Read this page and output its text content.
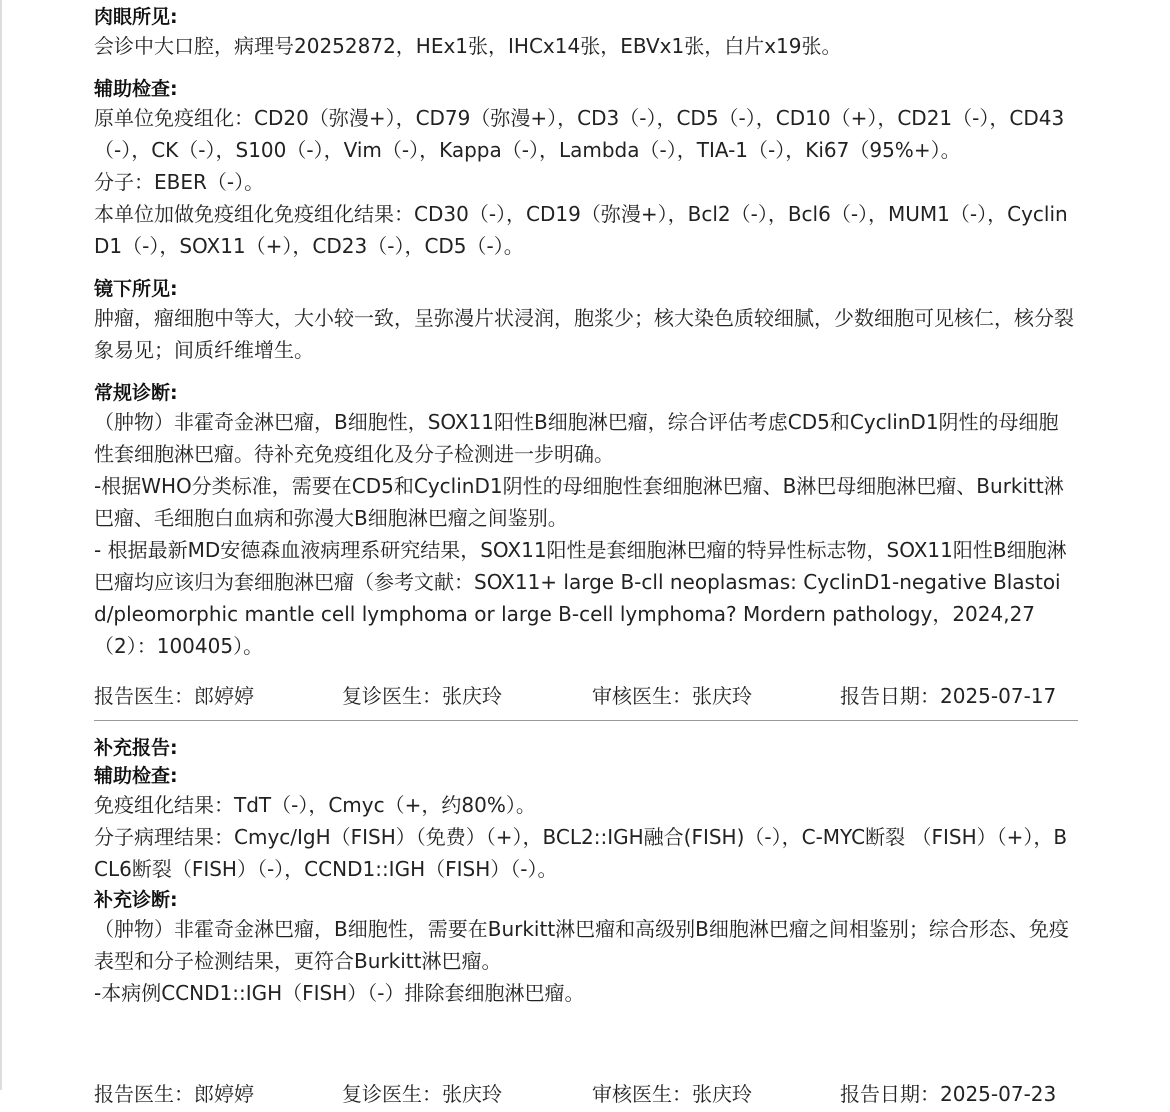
肉眼所见:
会诊中大口腔，病理号20252872，HEx1张，IHCx14张，EBVx1张，白片x19张。
辅助检查:
原单位免疫组化：CD20（弥漫+），CD79（弥漫+），CD3（-），CD5（-），CD10（+），CD21（-），CD43（-），CK（-），S100（-），Vim（-），Kappa（-），Lambda（-），TIA-1（-），Ki67（95%+）。
分子：EBER（-）。
本单位加做免疫组化免疫组化结果：CD30（-），CD19（弥漫+），Bcl2（-），Bcl6（-），MUM1（-），Cyclin D1（-），SOX11（+），CD23（-），CD5（-）。
镜下所见:
肿瘤，瘤细胞中等大，大小较一致，呈弥漫片状浸润，胞浆少；核大染色质较细腻，少数细胞可见核仁，核分裂象易见；间质纤维增生。
常规诊断:
（肿物）非霍奇金淋巴瘤，B细胞性，SOX11阳性B细胞淋巴瘤，综合评估考虑CD5和CyclinD1阴性的母细胞性套细胞淋巴瘤。待补充免疫组化及分子检测进一步明确。
-根据WHO分类标准，需要在CD5和CyclinD1阴性的母细胞性套细胞淋巴瘤、B淋巴母细胞淋巴瘤、Burkitt淋巴瘤、毛细胞白血病和弥漫大B细胞淋巴瘤之间鉴别。
- 根据最新MD安德森血液病理系研究结果，SOX11阳性是套细胞淋巴瘤的特异性标志物，SOX11阳性B细胞淋巴瘤均应该归为套细胞淋巴瘤（参考文献：SOX11+ large B-cll neoplasmas: CyclinD1-negative Blastoid/pleomorphic mantle cell lymphoma or large B-cell lymphoma? Mordern pathology，2024,27（2）：100405）。
报告医生：郎婷婷	复诊医生：张庆玲	审核医生：张庆玲	报告日期：2025-07-17
补充报告:
辅助检查:
免疫组化结果：TdT（-），Cmyc（+，约80%）。
分子病理结果：Cmyc/IgH（FISH）（免费）（+），BCL2::IGH融合(FISH)（-），C-MYC断裂 （FISH）（+），BCL6断裂（FISH）（-），CCND1::IGH（FISH）（-）。
补充诊断:
（肿物）非霍奇金淋巴瘤，B细胞性，需要在Burkitt淋巴瘤和高级别B细胞淋巴瘤之间相鉴别；综合形态、免疫表型和分子检测结果，更符合Burkitt淋巴瘤。
-本病例CCND1::IGH（FISH）（-）排除套细胞淋巴瘤。
报告医生：郎婷婷	复诊医生：张庆玲	审核医生：张庆玲	报告日期：2025-07-23
